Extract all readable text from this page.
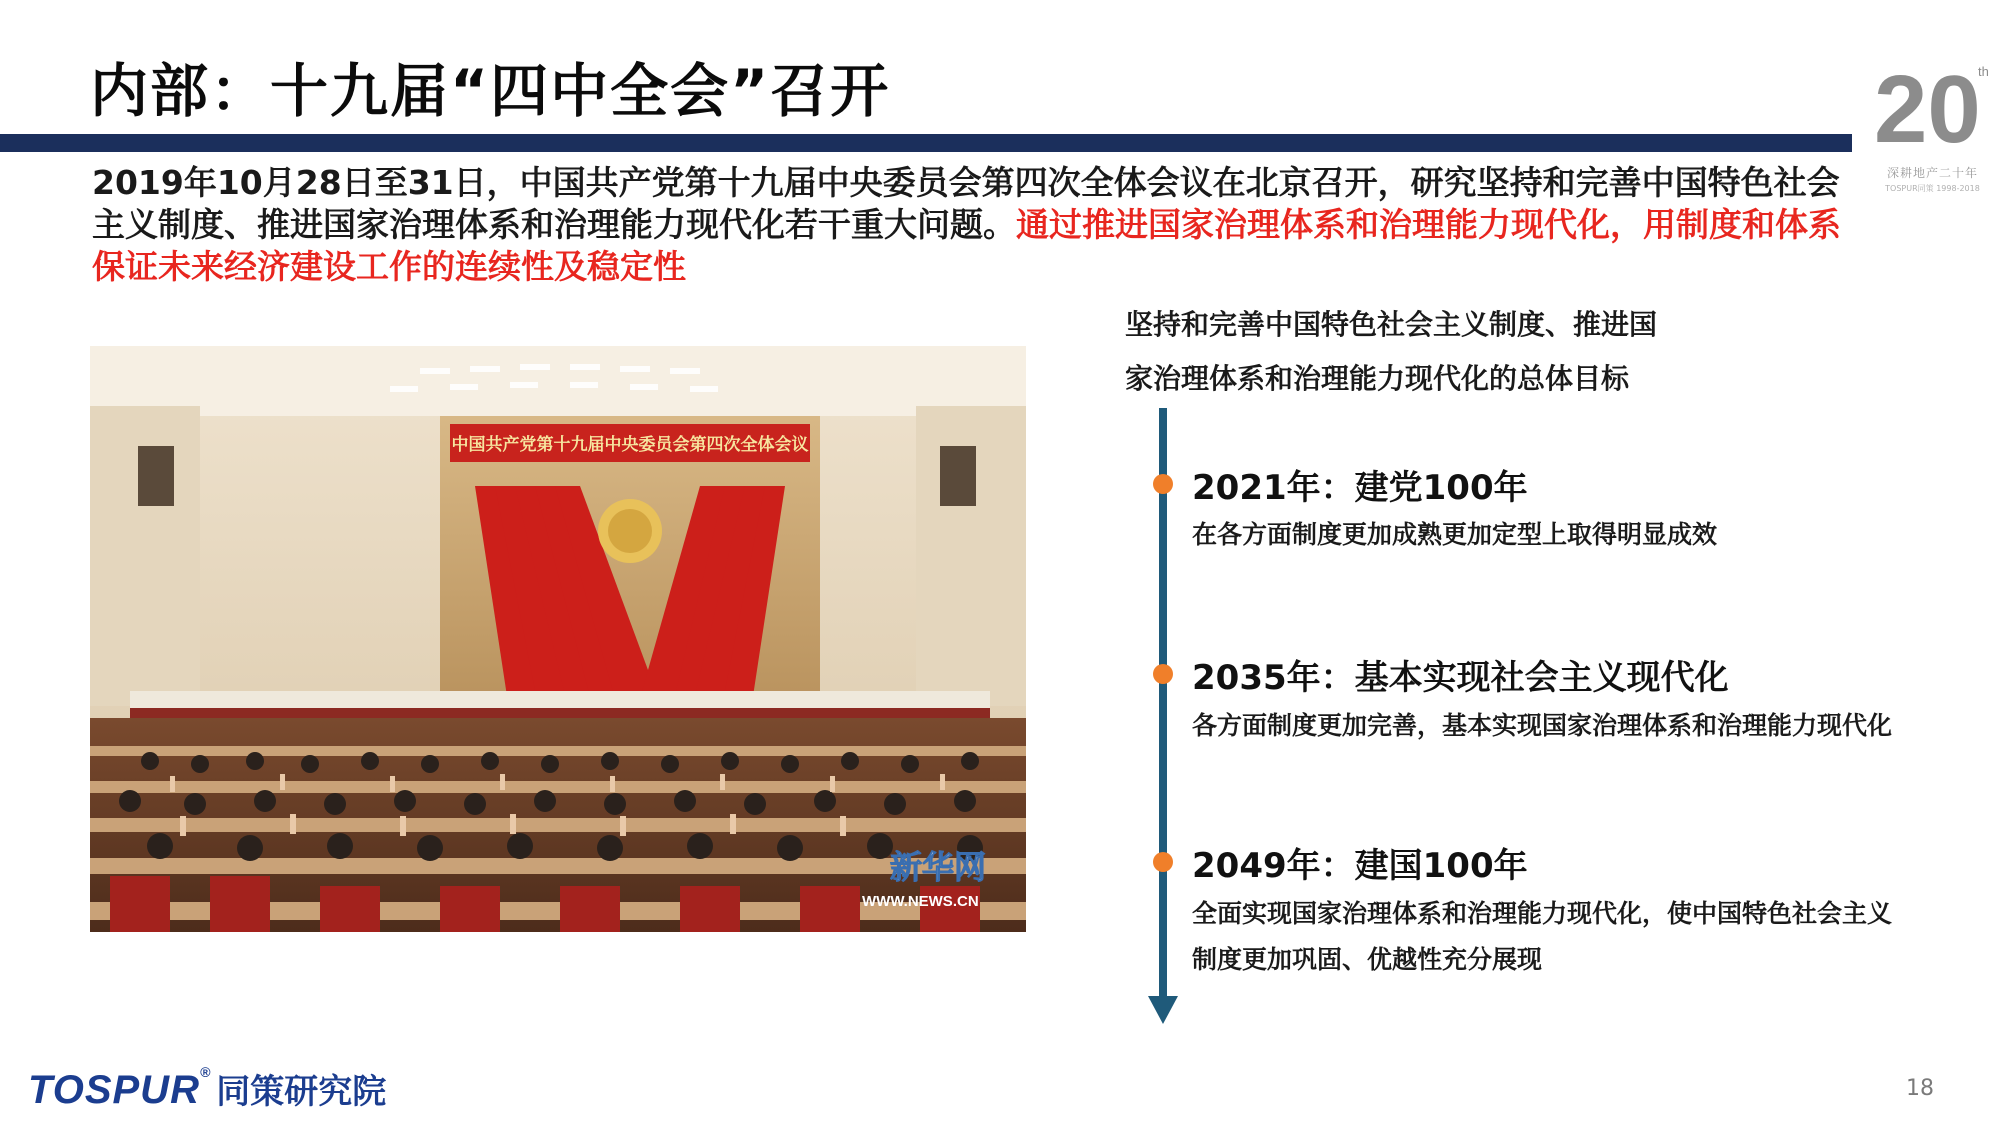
内部：十九届“四中全会”召开	20
th
深耕地产二十年
TOSPUR同策 1998-2018
2019年10月28日至31日，中国共产党第十九届中央委员会第四次全体会议在北京召开，研究坚持和完善中国特色社会主义制度、推进国家治理体系和治理能力现代化若干重大问题。通过推进国家治理体系和治理能力现代化，用制度和体系保证未来经济建设工作的连续性及稳定性
中国共产党第十九届中央委员会第四次全体会议
新华网
WWW.NEWS.CN
坚持和完善中国特色社会主义制度、推进国
家治理体系和治理能力现代化的总体目标
2021年：建党100年
在各方面制度更加成熟更加定型上取得明显成效
2035年：基本实现社会主义现代化
各方面制度更加完善，基本实现国家治理体系和治理能力现代化
2049年：建国100年
全面实现国家治理体系和治理能力现代化，使中国特色社会主义
制度更加巩固、优越性充分展现
TOSPUR®同策研究院	18
